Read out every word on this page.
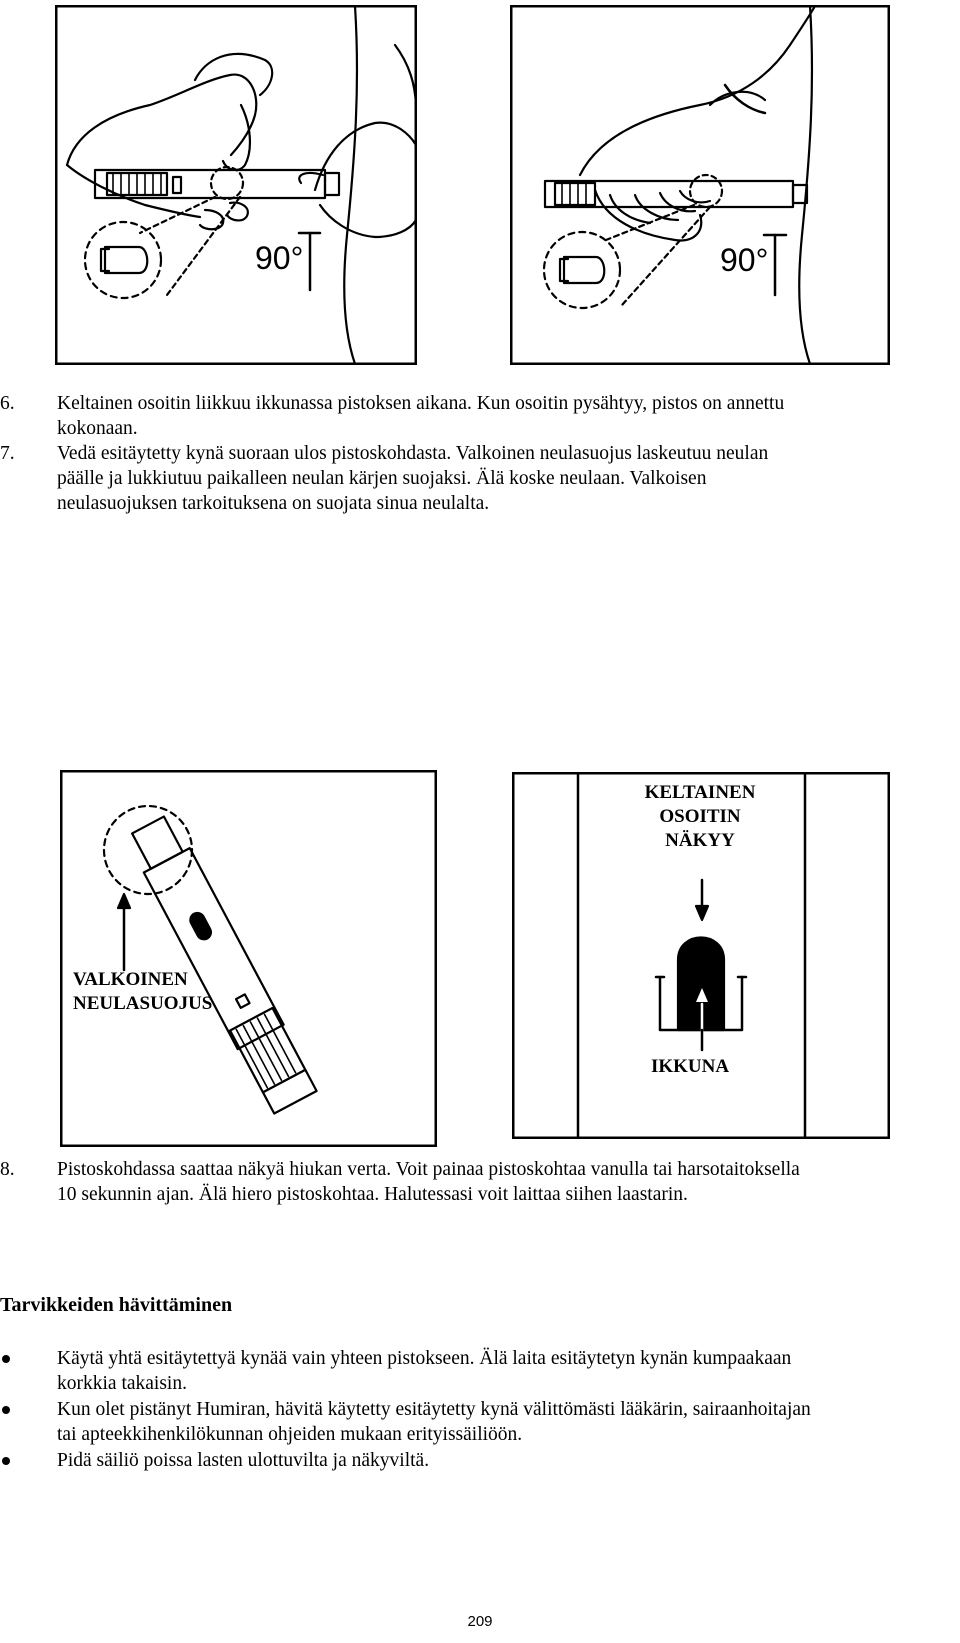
90°	90°
6. Keltainen osoitin liikkuu ikkunassa pistoksen aikana. Kun osoitin pysähtyy, pistos on annettu
kokonaan.
7. Vedä esitäytetty kynä suoraan ulos pistoskohdasta. Valkoinen neulasuojus laskeutuu neulan
päälle ja lukkiutuu paikalleen neulan kärjen suojaksi. Älä koske neulaan. Valkoisen
neulasuojuksen tarkoituksena on suojata sinua neulalta.
VALKOINEN
NEULASUOJUS
KELTAINEN
OSOITIN
NÄKYY
IKKUNA
8. Pistoskohdassa saattaa näkyä hiukan verta. Voit painaa pistoskohtaa vanulla tai harsotaitoksella
10 sekunnin ajan. Älä hiero pistoskohtaa. Halutessasi voit laittaa siihen laastarin.
Tarvikkeiden hävittäminen
Käytä yhtä esitäytettyä kynää vain yhteen pistokseen. Älä laita esitäytetyn kynän kumpaakaan
korkkia takaisin.
Kun olet pistänyt Humiran, hävitä käytetty esitäytetty kynä välittömästi lääkärin, sairaanhoitajan
tai apteekkihenkilökunnan ohjeiden mukaan erityissäiliöön.
Pidä säiliö poissa lasten ulottuvilta ja näkyviltä.
209
